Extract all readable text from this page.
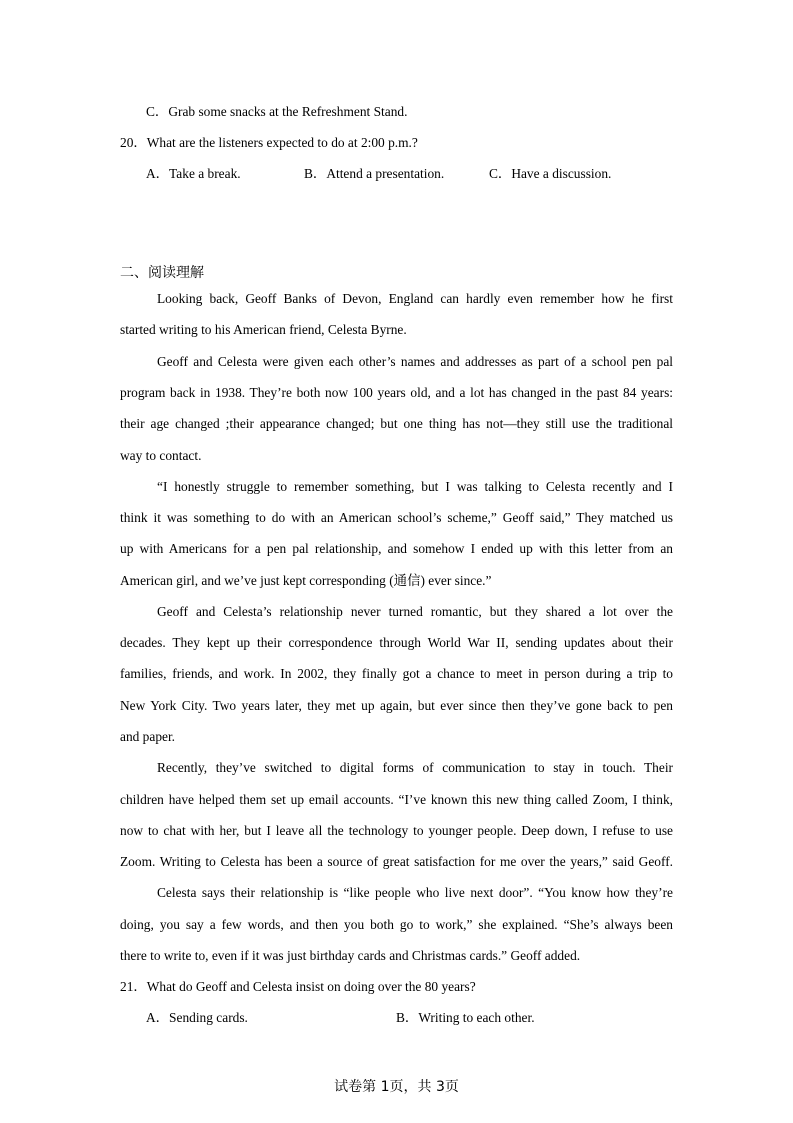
C．Grab some snacks at the Refreshment Stand.
20．What are the listeners expected to do at 2:00 p.m.?
A．Take a break.	B．Attend a presentation.	C．Have a discussion.
二、阅读理解
Looking back, Geoff Banks of Devon, England can hardly even remember how he first
started writing to his American friend, Celesta Byrne.
Geoff and Celesta were given each other’s names and addresses as part of a school pen pal
program back in 1938. They’re both now 100 years old, and a lot has changed in the past 84 years:
their age changed ;their appearance changed; but one thing has not—they still use the traditional
way to contact.
“I honestly struggle to remember something, but I was talking to Celesta recently and I
think it was something to do with an American school’s scheme,” Geoff said,” They matched us
up with Americans for a pen pal relationship, and somehow I ended up with this letter from an
American girl, and we’ve just kept corresponding (通信) ever since.”
Geoff and Celesta’s relationship never turned romantic, but they shared a lot over the
decades. They kept up their correspondence through World War II, sending updates about their
families, friends, and work. In 2002, they finally got a chance to meet in person during a trip to
New York City. Two years later, they met up again, but ever since then they’ve gone back to pen
and paper.
Recently, they’ve switched to digital forms of communication to stay in touch. Their
children have helped them set up email accounts. “I’ve known this new thing called Zoom, I think,
now to chat with her, but I leave all the technology to younger people. Deep down, I refuse to use
Zoom. Writing to Celesta has been a source of great satisfaction for me over the years,” said Geoff.
Celesta says their relationship is “like people who live next door”. “You know how they’re
doing, you say a few words, and then you both go to work,” she explained. “She’s always been
there to write to, even if it was just birthday cards and Christmas cards.” Geoff added.
21．What do Geoff and Celesta insist on doing over the 80 years?
A．Sending cards.	B．Writing to each other.
试卷第 1页，共 3页
